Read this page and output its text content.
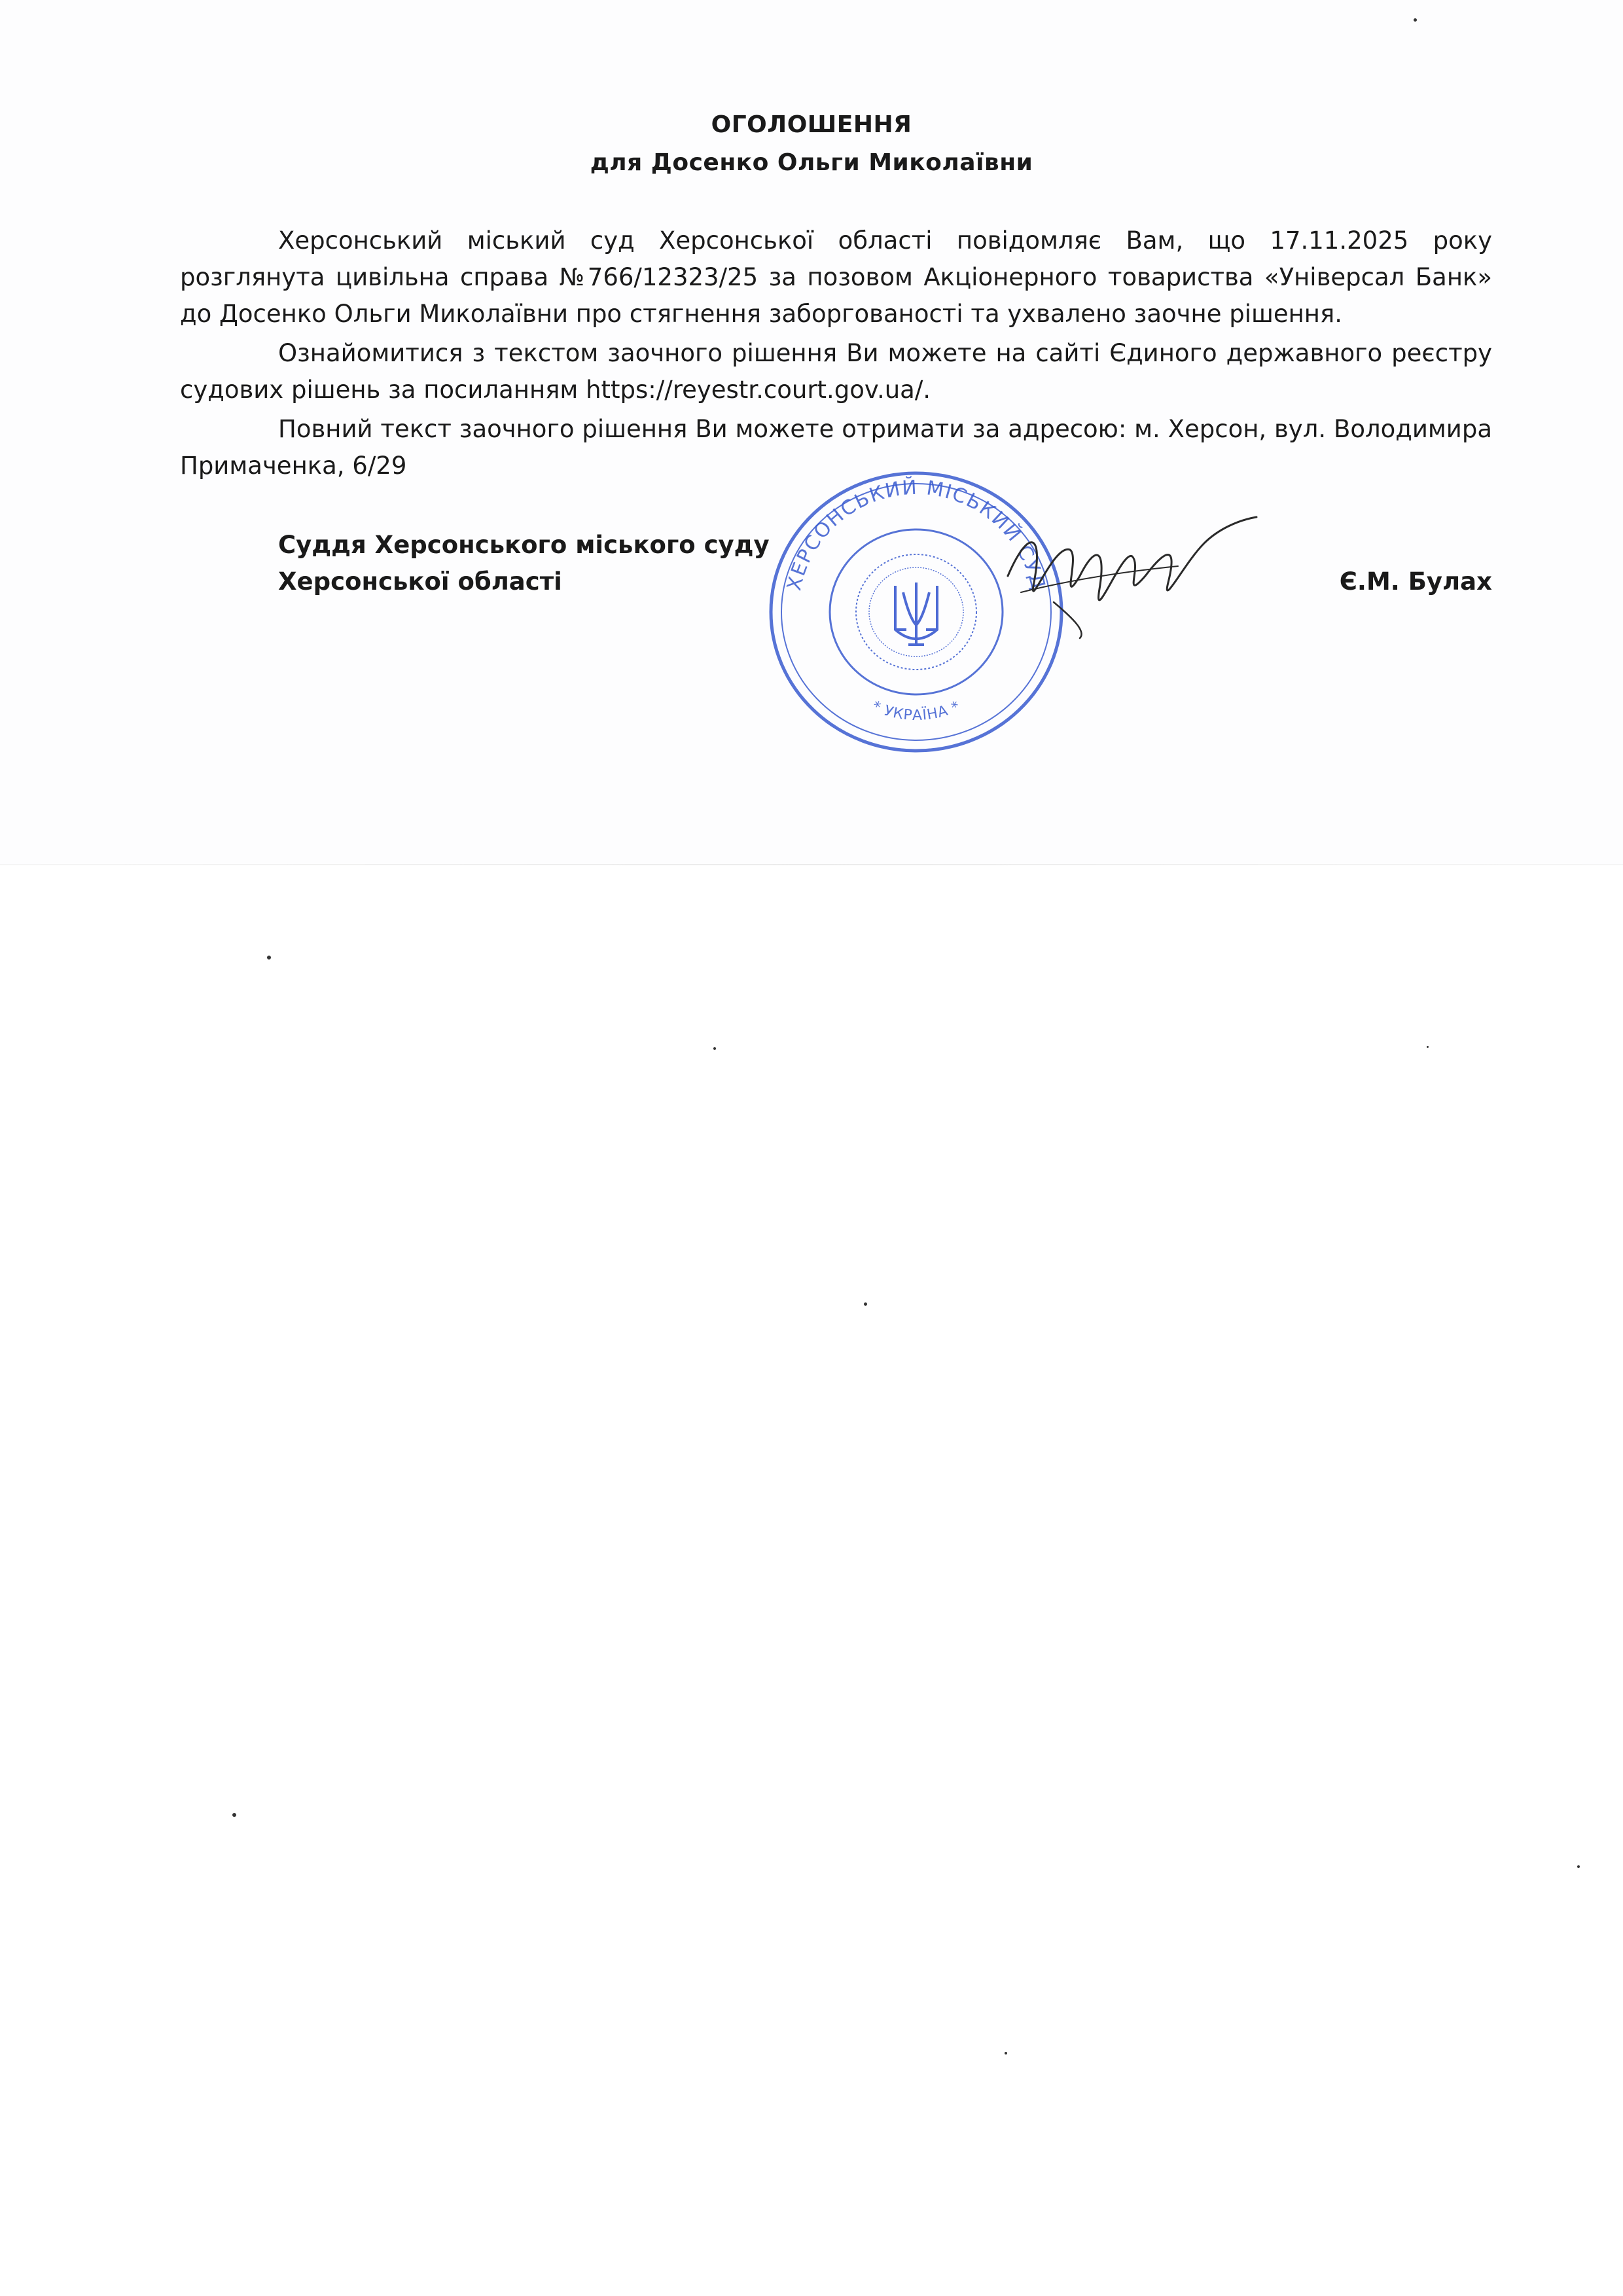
ОГОЛОШЕННЯ
для Досенко Ольги Миколаївни
Херсонський міський суд Херсонської області повідомляє Вам, що 17.11.2025 року розглянута цивільна справа №766/12323/25 за позовом Акціонерного товариства «Універсал Банк» до Досенко Ольги Миколаївни про стягнення заборгованості та ухвалено заочне рішення.
Ознайомитися з текстом заочного рішення Ви можете на сайті Єдиного державного реєстру судових рішень за посиланням https://reyestr.court.gov.ua/.
Повний текст заочного рішення Ви можете отримати за адресою: м. Херсон, вул. Володимира Примаченка, 6/29
Суддя Херсонського міського суду
Херсонської області	Є.М. Булах
ХЕРСОНСЬКИЙ МІСЬКИЙ СУД
* УКРАЇНА *
